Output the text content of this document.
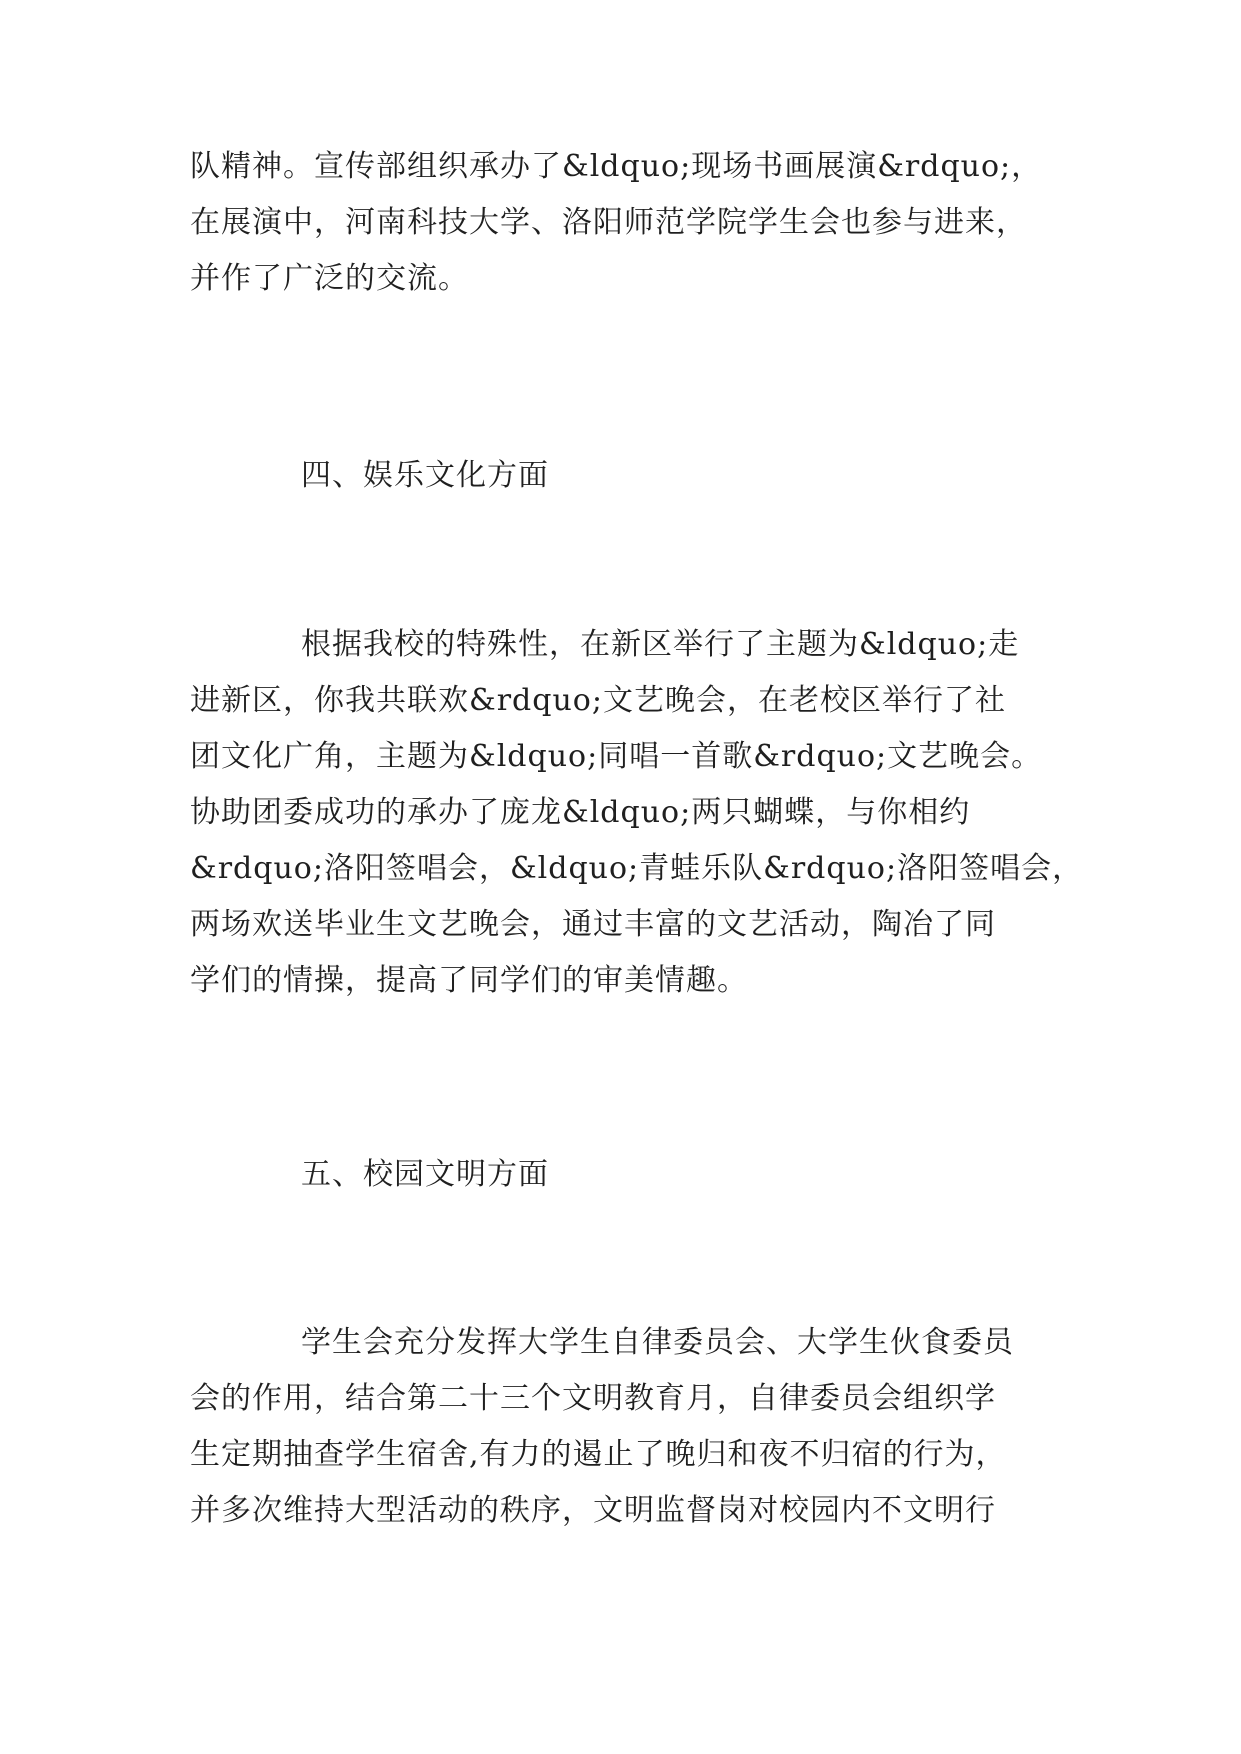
队精神。宣传部组织承办了&ldquo;现场书画展演&rdquo;，
在展演中，河南科技大学、洛阳师范学院学生会也参与进来，
并作了广泛的交流。
四、娱乐文化方面
根据我校的特殊性，在新区举行了主题为&ldquo;走
进新区，你我共联欢&rdquo;文艺晚会，在老校区举行了社
团文化广角，主题为&ldquo;同唱一首歌&rdquo;文艺晚会。
协助团委成功的承办了庞龙&ldquo;两只蝴蝶，与你相约
&rdquo;洛阳签唱会，&ldquo;青蛙乐队&rdquo;洛阳签唱会，
两场欢送毕业生文艺晚会，通过丰富的文艺活动，陶冶了同
学们的情操，提高了同学们的审美情趣。
五、校园文明方面
学生会充分发挥大学生自律委员会、大学生伙食委员
会的作用，结合第二十三个文明教育月，自律委员会组织学
生定期抽查学生宿舍,有力的遏止了晚归和夜不归宿的行为，
并多次维持大型活动的秩序，文明监督岗对校园内不文明行
